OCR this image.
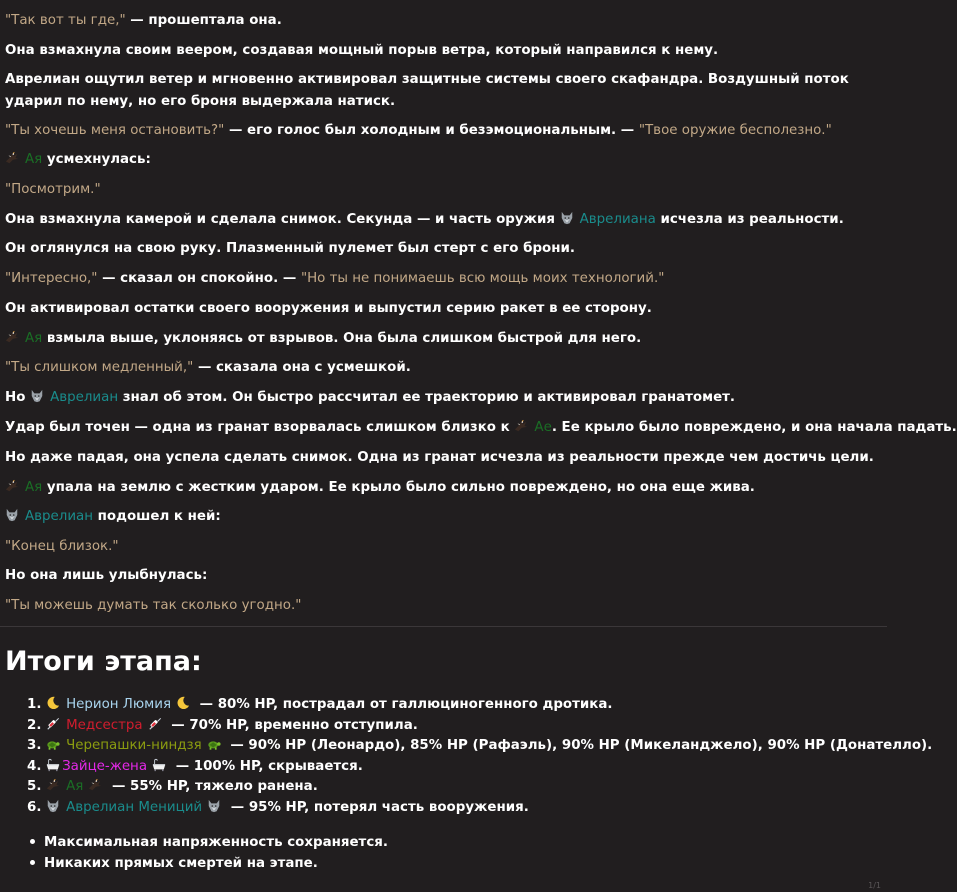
"Так вот ты где," — прошептала она.
Она взмахнула своим веером, создавая мощный порыв ветра, который направился к нему.
Аврелиан ощутил ветер и мгновенно активировал защитные системы своего скафандра. Воздушный поток ударил по нему, но его броня выдержала натиск.
"Ты хочешь меня остановить?" — его голос был холодным и безэмоциональным. — "Твое оружие бесполезно."
Ая усмехнулась:
"Посмотрим."
Она взмахнула камерой и сделала снимок. Секунда — и часть оружия Аврелиана исчезла из реальности.
Он оглянулся на свою руку. Плазменный пулемет был стерт с его брони.
"Интересно," — сказал он спокойно. — "Но ты не понимаешь всю мощь моих технологий."
Он активировал остатки своего вооружения и выпустил серию ракет в ее сторону.
Ая взмыла выше, уклоняясь от взрывов. Она была слишком быстрой для него.
"Ты слишком медленный," — сказала она с усмешкой.
Но Аврелиан знал об этом. Он быстро рассчитал ее траекторию и активировал гранатомет.
Удар был точен — одна из гранат взорвалась слишком близко к Ае. Ее крыло было повреждено, и она начала падать.
Но даже падая, она успела сделать снимок. Одна из гранат исчезла из реальности прежде чем достичь цели.
Ая упала на землю с жестким ударом. Ее крыло было сильно повреждено, но она еще жива.
Аврелиан подошел к ней:
"Конец близок."
Но она лишь улыбнулась:
"Ты можешь думать так сколько угодно."
Итоги этапа:
1. Нерион Люмия — 80% HP, пострадал от галлюциногенного дротика.
2. Медсестра — 70% HP, временно отступила.
3. Черепашки-ниндзя — 90% HP (Леонардо), 85% HP (Рафаэль), 90% HP (Микеланджело), 90% HP (Донателло).
4. Зайце-жена — 100% HP, скрывается.
5. Ая — 55% HP, тяжело ранена.
6. Аврелиан Мениций — 95% HP, потерял часть вооружения.
Максимальная напряженность сохраняется.
Никаких прямых смертей на этапе.
1/1
